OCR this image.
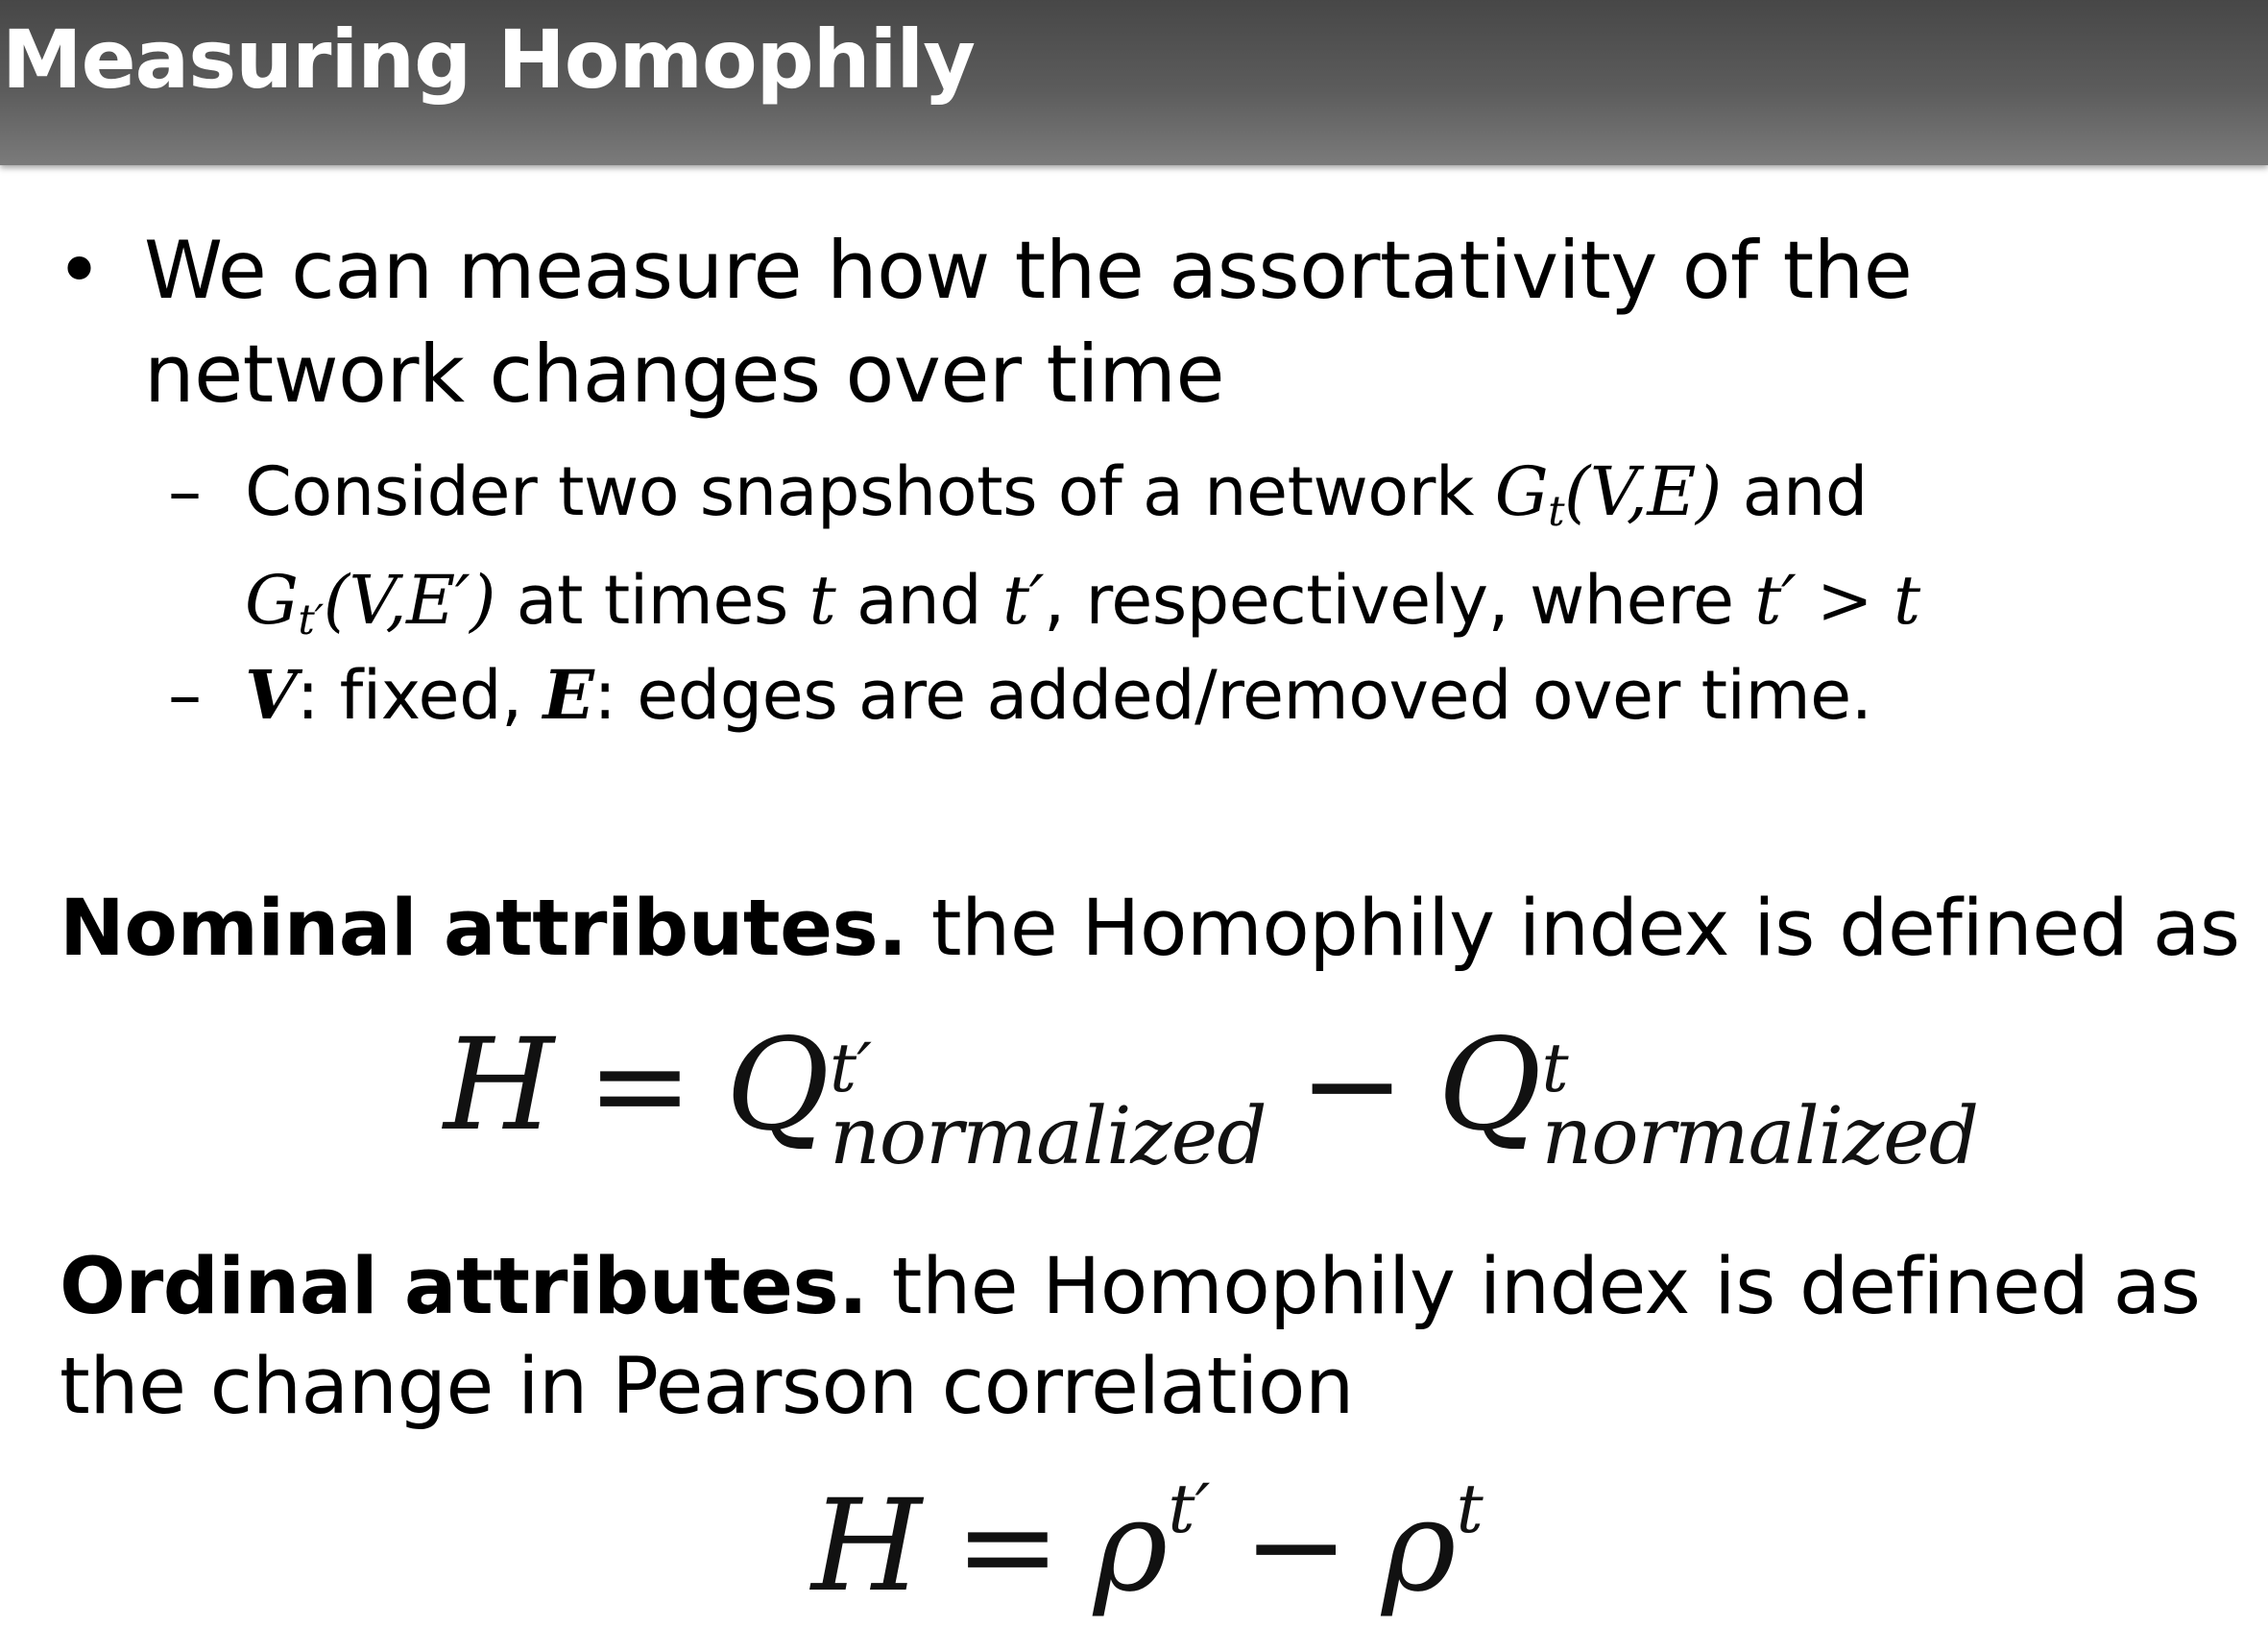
Measuring Homophily
• We can measure how the assortativity of the
network changes over time
– Consider two snapshots of a network Gt(V,E) and
Gt′(V,E′) at times t and t′, respectively, where t′ > t
– V: fixed, E: edges are added/removed over time.
Nominal attributes. the Homophily index is defined as
H = Q t′
$_{normalized}$ − Q t
$_{normalized}$
Ordinal attributes. the Homophily index is defined as
the change in Pearson correlation
$H = \rho^{t'} - \rho^t$
